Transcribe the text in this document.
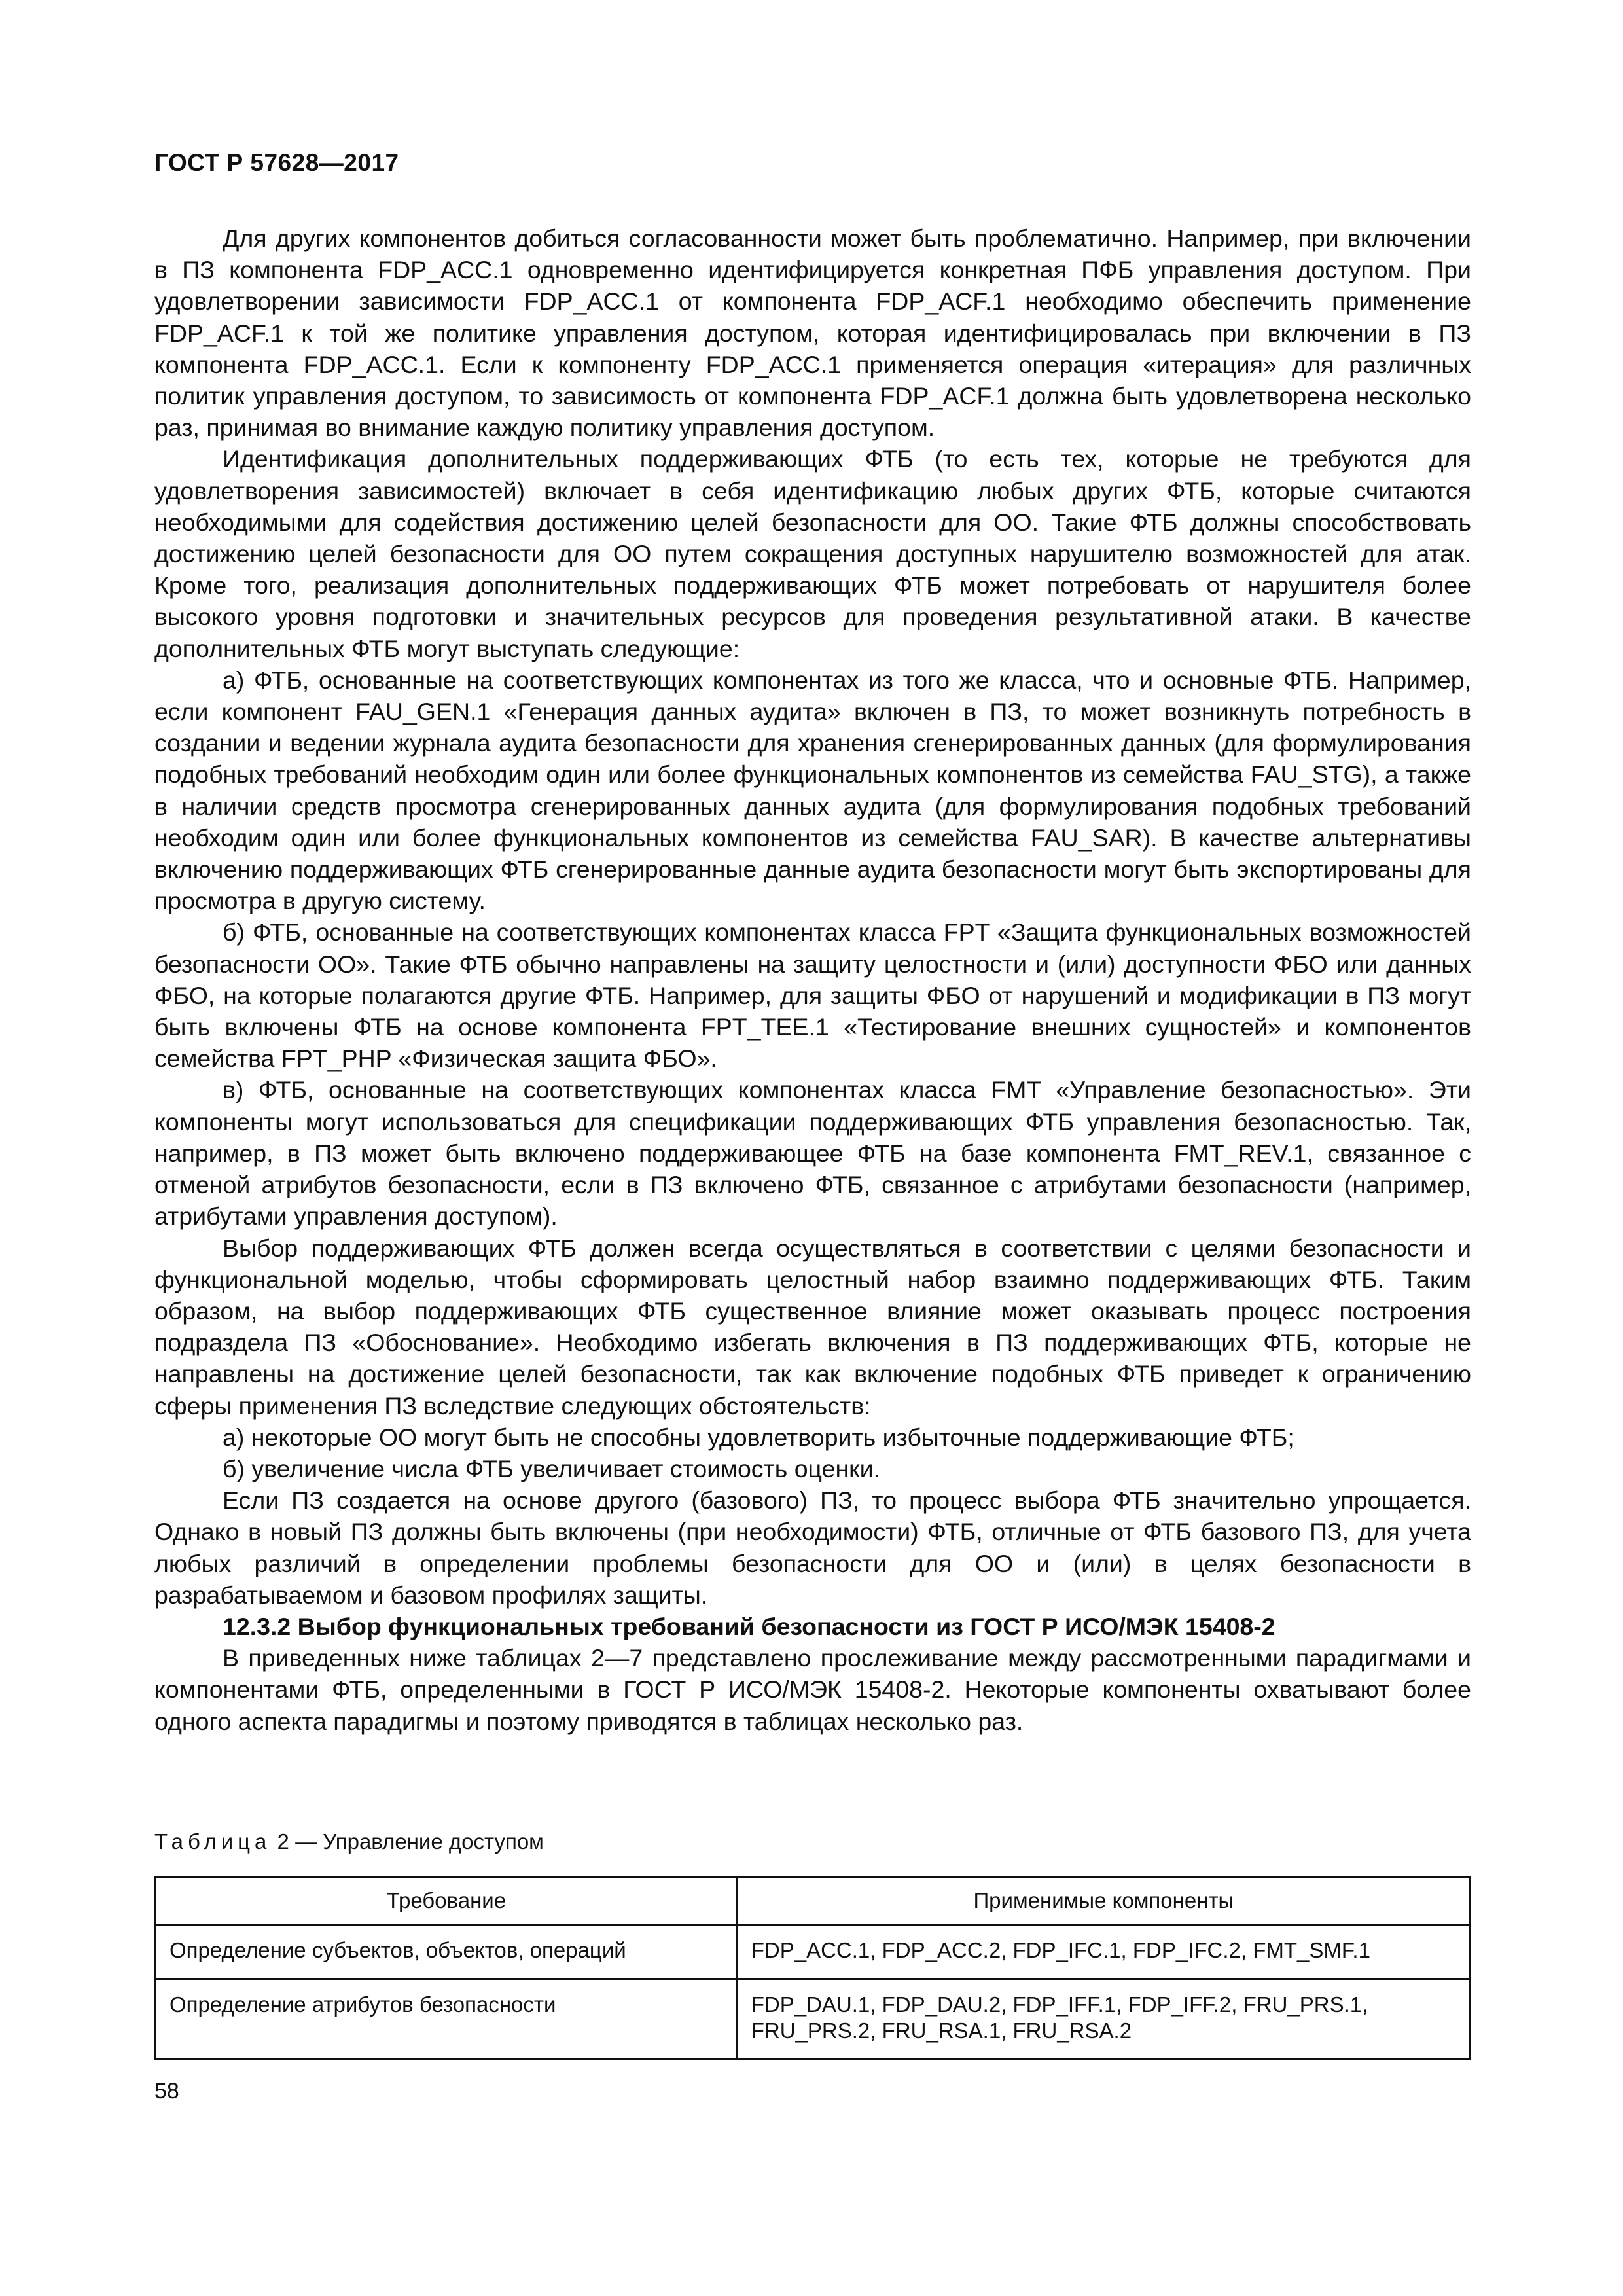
ГОСТ Р 57628—2017

Для других компонентов добиться согласованности может быть проблематично. Например, при включении в ПЗ компонента FDP_ACC.1 одновременно идентифицируется конкретная ПФБ управления доступом. При удовлетворении зависимости FDP_ACC.1 от компонента FDP_ACF.1 необходимо обеспечить применение FDP_ACF.1 к той же политике управления доступом, которая идентифицировалась при включении в ПЗ компонента FDP_ACC.1. Если к компоненту FDP_ACC.1 применяется операция «итерация» для различных политик управления доступом, то зависимость от компонента FDP_ACF.1 должна быть удовлетворена несколько раз, принимая во внимание каждую политику управления доступом.

Идентификация дополнительных поддерживающих ФТБ (то есть тех, которые не требуются для удовлетворения зависимостей) включает в себя идентификацию любых других ФТБ, которые считаются необходимыми для содействия достижению целей безопасности для ОО. Такие ФТБ должны способствовать достижению целей безопасности для ОО путем сокращения доступных нарушителю возможностей для атак. Кроме того, реализация дополнительных поддерживающих ФТБ может потребовать от нарушителя более высокого уровня подготовки и значительных ресурсов для проведения результативной атаки. В качестве дополнительных ФТБ могут выступать следующие:

а) ФТБ, основанные на соответствующих компонентах из того же класса, что и основные ФТБ. Например, если компонент FAU_GEN.1 «Генерация данных аудита» включен в ПЗ, то может возникнуть потребность в создании и ведении журнала аудита безопасности для хранения сгенерированных данных (для формулирования подобных требований необходим один или более функциональных компонентов из семейства FAU_STG), а также в наличии средств просмотра сгенерированных данных аудита (для формулирования подобных требований необходим один или более функциональных компонентов из семейства FAU_SAR). В качестве альтернативы включению поддерживающих ФТБ сгенерированные данные аудита безопасности могут быть экспортированы для просмотра в другую систему.

б) ФТБ, основанные на соответствующих компонентах класса FPT «Защита функциональных возможностей безопасности ОО». Такие ФТБ обычно направлены на защиту целостности и (или) доступности ФБО или данных ФБО, на которые полагаются другие ФТБ. Например, для защиты ФБО от нарушений и модификации в ПЗ могут быть включены ФТБ на основе компонента FPT_TEE.1 «Тестирование внешних сущностей» и компонентов семейства FPT_PHP «Физическая защита ФБО».

в) ФТБ, основанные на соответствующих компонентах класса FMT «Управление безопасностью». Эти компоненты могут использоваться для спецификации поддерживающих ФТБ управления безопасностью. Так, например, в ПЗ может быть включено поддерживающее ФТБ на базе компонента FMT_REV.1, связанное с отменой атрибутов безопасности, если в ПЗ включено ФТБ, связанное с атрибутами безопасности (например, атрибутами управления доступом).

Выбор поддерживающих ФТБ должен всегда осуществляться в соответствии с целями безопасности и функциональной моделью, чтобы сформировать целостный набор взаимно поддерживающих ФТБ. Таким образом, на выбор поддерживающих ФТБ существенное влияние может оказывать процесс построения подраздела ПЗ «Обоснование». Необходимо избегать включения в ПЗ поддерживающих ФТБ, которые не направлены на достижение целей безопасности, так как включение подобных ФТБ приведет к ограничению сферы применения ПЗ вследствие следующих обстоятельств:

а) некоторые ОО могут быть не способны удовлетворить избыточные поддерживающие ФТБ;

б) увеличение числа ФТБ увеличивает стоимость оценки.

Если ПЗ создается на основе другого (базового) ПЗ, то процесс выбора ФТБ значительно упрощается. Однако в новый ПЗ должны быть включены (при необходимости) ФТБ, отличные от ФТБ базового ПЗ, для учета любых различий в определении проблемы безопасности для ОО и (или) в целях безопасности в разрабатываемом и базовом профилях защиты.

12.3.2 Выбор функциональных требований безопасности из ГОСТ Р ИСО/МЭК 15408-2

В приведенных ниже таблицах 2—7 представлено прослеживание между рассмотренными парадигмами и компонентами ФТБ, определенными в ГОСТ Р ИСО/МЭК 15408-2. Некоторые компоненты охватывают более одного аспекта парадигмы и поэтому приводятся в таблицах несколько раз.

Таблица 2 — Управление доступом
Требование	Применимые компоненты
Определение субъектов, объектов, операций	FDP_ACC.1, FDP_ACC.2, FDP_IFC.1, FDP_IFC.2, FMT_SMF.1
Определение атрибутов безопасности	FDP_DAU.1, FDP_DAU.2, FDP_IFF.1, FDP_IFF.2, FRU_PRS.1, FRU_PRS.2, FRU_RSA.1, FRU_RSA.2
58
